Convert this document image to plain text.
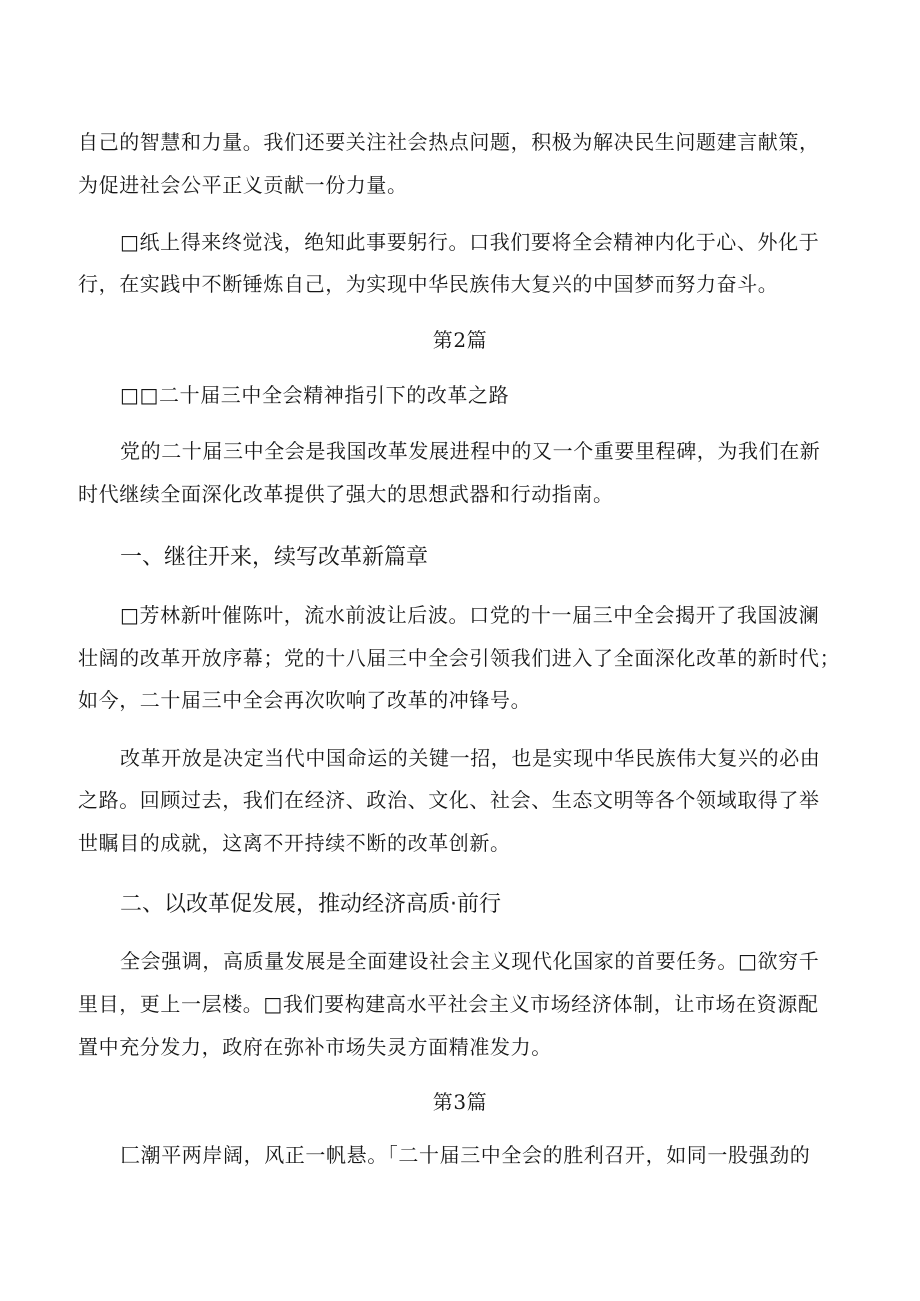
自己的智慧和力量。我们还要关注社会热点问题，积极为解决民生问题建言献策，
为促进社会公平正义贡献一份力量。
□纸上得来终觉浅，绝知此事要躬行。口我们要将全会精神内化于心、外化于
行，在实践中不断锤炼自己，为实现中华民族伟大复兴的中国梦而努力奋斗。
第2篇
□□二十届三中全会精神指引下的改革之路
党的二十届三中全会是我国改革发展进程中的又一个重要里程碑，为我们在新
时代继续全面深化改革提供了强大的思想武器和行动指南。
一、继往开来，续写改革新篇章
□芳林新叶催陈叶，流水前波让后波。口党的十一届三中全会揭开了我国波澜
壮阔的改革开放序幕；党的十八届三中全会引领我们进入了全面深化改革的新时代；
如今，二十届三中全会再次吹响了改革的冲锋号。
改革开放是决定当代中国命运的关键一招，也是实现中华民族伟大复兴的必由
之路。回顾过去，我们在经济、政治、文化、社会、生态文明等各个领域取得了举
世瞩目的成就，这离不开持续不断的改革创新。
二、以改革促发展，推动经济高质·前行
全会强调，高质量发展是全面建设社会主义现代化国家的首要任务。□欲穷千
里目，更上一层楼。□我们要构建高水平社会主义市场经济体制，让市场在资源配
置中充分发力，政府在弥补市场失灵方面精准发力。
第3篇
匚潮平两岸阔，风正一帆悬。「二十届三中全会的胜利召开，如同一股强劲的
